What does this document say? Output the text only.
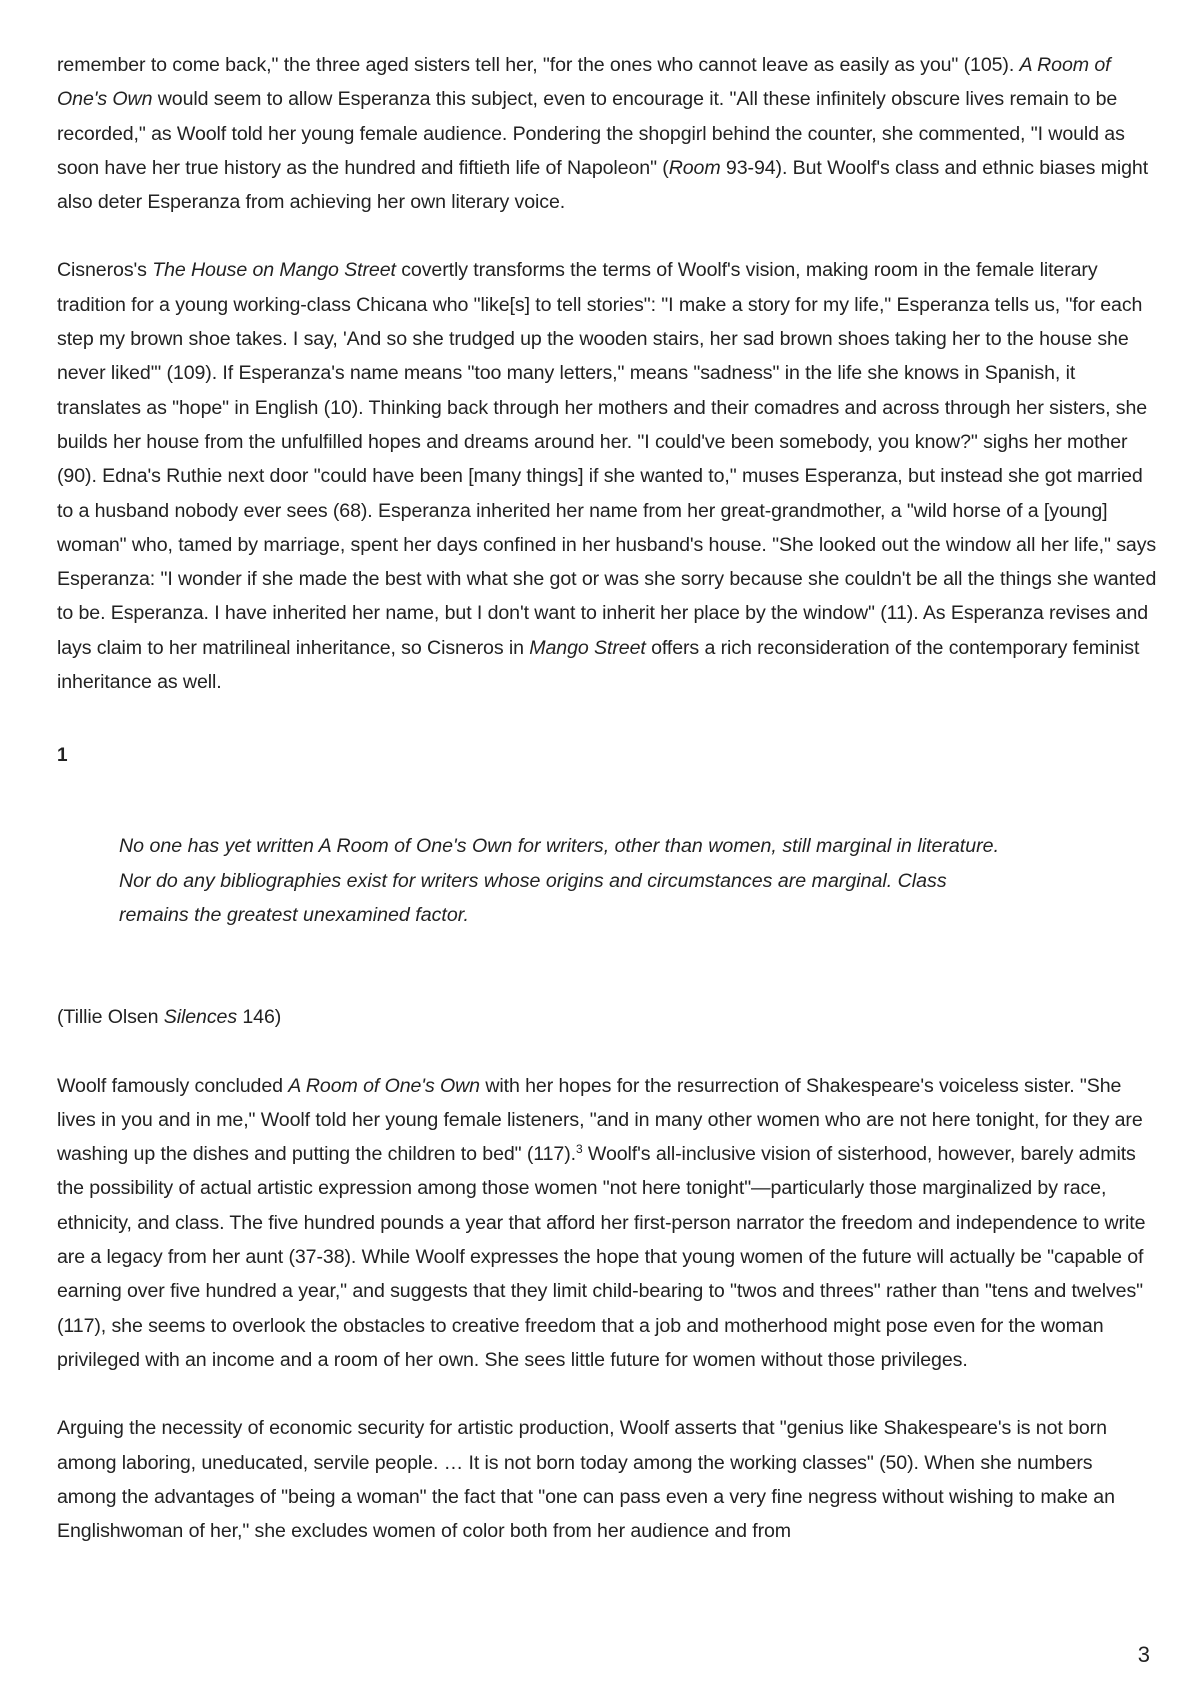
remember to come back," the three aged sisters tell her, "for the ones who cannot leave as easily as you" (105). A Room of One's Own would seem to allow Esperanza this subject, even to encourage it. "All these infinitely obscure lives remain to be recorded," as Woolf told her young female audience. Pondering the shopgirl behind the counter, she commented, "I would as soon have her true history as the hundred and fiftieth life of Napoleon" (Room 93-94). But Woolf's class and ethnic biases might also deter Esperanza from achieving her own literary voice.

Cisneros's The House on Mango Street covertly transforms the terms of Woolf's vision, making room in the female literary tradition for a young working-class Chicana who "like[s] to tell stories": "I make a story for my life," Esperanza tells us, "for each step my brown shoe takes. I say, 'And so she trudged up the wooden stairs, her sad brown shoes taking her to the house she never liked'" (109). If Esperanza's name means "too many letters," means "sadness" in the life she knows in Spanish, it translates as "hope" in English (10). Thinking back through her mothers and their comadres and across through her sisters, she builds her house from the unfulfilled hopes and dreams around her. "I could've been somebody, you know?" sighs her mother (90). Edna's Ruthie next door "could have been [many things] if she wanted to," muses Esperanza, but instead she got married to a husband nobody ever sees (68). Esperanza inherited her name from her great-grandmother, a "wild horse of a [young] woman" who, tamed by marriage, spent her days confined in her husband's house. "She looked out the window all her life," says Esperanza: "I wonder if she made the best with what she got or was she sorry because she couldn't be all the things she wanted to be. Esperanza. I have inherited her name, but I don't want to inherit her place by the window" (11). As Esperanza revises and lays claim to her matrilineal inheritance, so Cisneros in Mango Street offers a rich reconsideration of the contemporary feminist inheritance as well.

1
No one has yet written A Room of One's Own for writers, other than women, still marginal in literature.
Nor do any bibliographies exist for writers whose origins and circumstances are marginal. Class
remains the greatest unexamined factor.

(Tillie Olsen Silences 146)

Woolf famously concluded A Room of One's Own with her hopes for the resurrection of Shakespeare's voiceless sister. "She lives in you and in me," Woolf told her young female listeners, "and in many other women who are not here tonight, for they are washing up the dishes and putting the children to bed" (117).$^3$ Woolf's all-inclusive vision of sisterhood, however, barely admits the possibility of actual artistic expression among those women "not here tonight"—particularly those marginalized by race, ethnicity, and class. The five hundred pounds a year that afford her first-person narrator the freedom and independence to write are a legacy from her aunt (37-38). While Woolf expresses the hope that young women of the future will actually be "capable of earning over five hundred a year," and suggests that they limit child-bearing to "twos and threes" rather than "tens and twelves" (117), she seems to overlook the obstacles to creative freedom that a job and motherhood might pose even for the woman privileged with an income and a room of her own. She sees little future for women without those privileges.

Arguing the necessity of economic security for artistic production, Woolf asserts that "genius like Shakespeare's is not born among laboring, uneducated, servile people. … It is not born today among the working classes" (50). When she numbers among the advantages of "being a woman" the fact that "one can pass even a very fine negress without wishing to make an Englishwoman of her," she excludes women of color both from her audience and from

3
